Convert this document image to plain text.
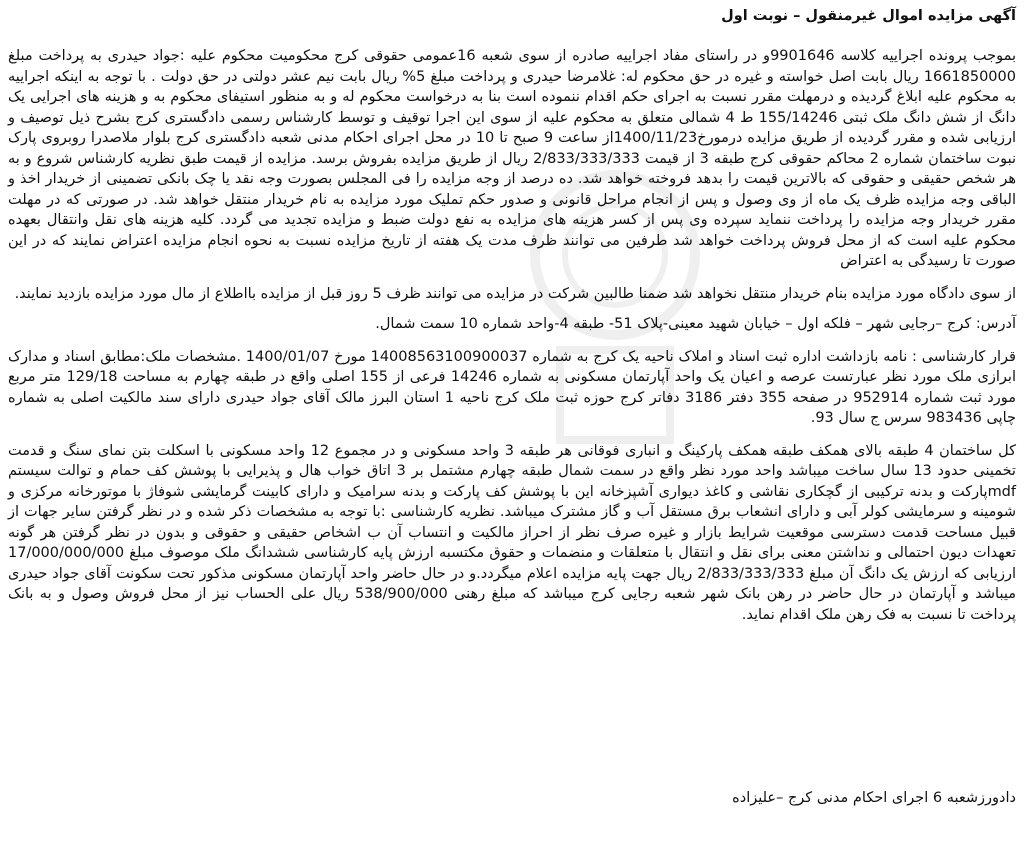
آگهی مزایده اموال غیرمنقول – نوبت اول

بموجب پرونده اجراییه کلاسه 9901646و در راستای مفاد اجراییه صادره از سوی شعبه 16عمومی حقوقی کرج محکومیت محکوم علیه :جواد حیدری به پرداخت مبلغ 1661850000 ریال بابت اصل خواسته و غیره در حق محکوم له: غلامرضا حیدری و پرداخت مبلغ 5% ریال بابت نیم عشر دولتی در حق دولت . با توجه به اینکه اجراییه به محکوم علیه ابلاغ گردیده و درمهلت مقرر نسبت به اجرای حکم اقدام ننموده است بنا به درخواست محکوم له و به منظور استیفای محکوم به و هزینه های اجرایی یک دانگ از شش دانگ ملک ثبتی 155/14246 ط 4 شمالی متعلق به محکوم علیه از سوی این اجرا توقیف و توسط کارشناس رسمی دادگستری کرج بشرح ذیل توصیف و ارزیابی شده و مقرر گردیده از طریق مزایده درمورخ1400/11/23از ساعت 9 صبح تا 10 در محل اجرای احکام مدنی شعبه دادگستری کرج بلوار ملاصدرا روبروی پارک نبوت ساختمان شماره 2 محاکم حقوقی کرج طبقه 3 از قیمت 2/833/333/333 ریال از طریق مزایده بفروش برسد. مزایده از قیمت طبق نظریه کارشناس شروع و به هر شخص حقیقی و حقوقی که بالاترین قیمت را بدهد فروخته خواهد شد. ده درصد از وجه مزایده را فی المجلس بصورت وجه نقد یا چک بانکی تضمینی از خریدار اخذ و الباقی وجه مزایده ظرف یک ماه از وی وصول و پس از انجام مراحل قانونی و صدور حکم تملیک مورد مزایده به نام خریدار منتقل خواهد شد. در صورتی که در مهلت مقرر خریدار وجه مزایده را پرداخت ننماید سپرده وی پس از کسر هزینه های مزایده به نفع دولت ضبط و مزایده تجدید می گردد. کلیه هزینه های نقل وانتقال بعهده محکوم علیه است که از محل فروش پرداخت خواهد شد طرفین می توانند ظرف مدت یک هفته از تاریخ مزایده نسبت به نحوه انجام مزایده اعتراض نمایند که در این صورت تا رسیدگی به اعتراض

از سوی دادگاه مورد مزایده بنام خریدار منتقل نخواهد شد ضمنا طالبین شرکت در مزایده می توانند ظرف 5 روز قبل از مزایده بااطلاع از مال مورد مزایده بازدید نمایند.

آدرس: کرج –رجایی شهر – فلکه اول – خیابان شهید معینی-پلاک 51- طبقه 4-واحد شماره 10 سمت شمال.

قرار کارشناسی : نامه بازداشت اداره ثبت اسناد و املاک ناحیه یک کرج به شماره 14008563100900037 مورخ 1400/01/07 .مشخصات ملک:مطابق اسناد و مدارک ابرازی ملک مورد نظر عبارتست عرصه و اعیان یک واحد آپارتمان مسکونی به شماره 14246 فرعی از 155 اصلی واقع در طبقه چهارم به مساحت 129/18 متر مربع مورد ثبت شماره 952914 در صفحه 355 دفتر 3186 دفاتر کرج حوزه ثبت ملک کرج ناحیه 1 استان البرز مالک آقای جواد حیدری دارای سند مالکیت اصلی به شماره چاپی 983436 سرس ج سال 93.

کل ساختمان 4 طبقه بالای همکف طبقه همکف پارکینگ و انباری فوقانی هر طبقه 3 واحد مسکونی و در مجموع 12 واحد مسکونی با اسکلت بتن نمای سنگ و قدمت تخمینی حدود 13 سال ساخت میباشد واحد مورد نظر واقع در سمت شمال طبقه چهارم مشتمل بر 3 اتاق خواب هال و پذیرایی با پوشش کف حمام و توالت سیستم mdfپارکت و بدنه ترکیبی از گچکاری نقاشی و کاغذ دیواری آشپزخانه این با پوشش کف پارکت و بدنه سرامیک و دارای کابینت گرمایشی شوفاژ با موتورخانه مرکزی و شومینه و سرمایشی کولر آبی و دارای انشعاب برق مستقل آب و گاز مشترک میباشد. نظریه کارشناسی :با توجه به مشخصات ذکر شده و در نظر گرفتن سایر جهات از قبیل مساحت قدمت دسترسی موقعیت شرایط بازار و غیره صرف نظر از احراز مالکیت و انتساب آن ب اشخاص حقیقی و حقوقی و بدون در نظر گرفتن هر گونه تعهدات دیون احتمالی و نداشتن معنی برای نقل و انتقال با متعلقات و منضمات و حقوق مکتسبه ارزش پایه کارشناسی ششدانگ ملک موصوف مبلغ 17/000/000/000 ارزیابی که ارزش یک دانگ آن مبلغ 2/833/333/333 ریال جهت پایه مزایده اعلام میگردد.و در حال حاضر واحد آپارتمان مسکونی مذکور تحت سکونت آقای جواد حیدری میباشد و آپارتمان در حال حاضر در رهن بانک شهر شعبه رجایی کرج میباشد که مبلغ رهنی 538/900/000 ریال علی الحساب نیز از محل فروش وصول و به بانک پرداخت تا نسبت به فک رهن ملک اقدام نماید.

دادورزشعبه 6 اجرای احکام مدنی کرج –علیزاده
